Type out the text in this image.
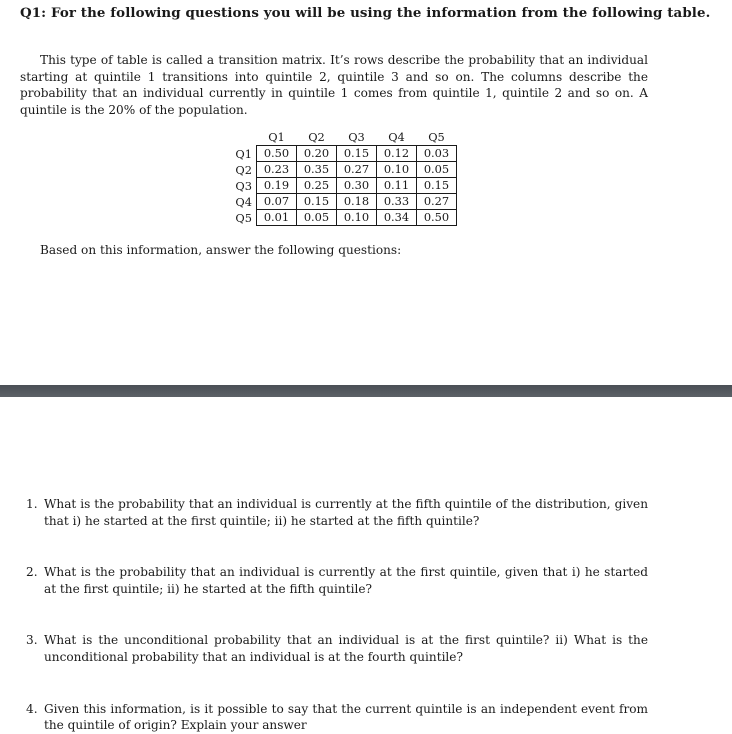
Q1: For the following questions you will be using the information from the following table.

This type of table is called a transition matrix. It’s rows describe the probability that an individual starting at quintile 1 transitions into quintile 2, quintile 3 and so on. The columns describe the probability that an individual currently in quintile 1 comes from quintile 1, quintile 2 and so on. A quintile is the 20% of the population.

	Q1	Q2	Q3	Q4	Q5
Q1	0.50	0.20	0.15	0.12	0.03
Q2	0.23	0.35	0.27	0.10	0.05
Q3	0.19	0.25	0.30	0.11	0.15
Q4	0.07	0.15	0.18	0.33	0.27
Q5	0.01	0.05	0.10	0.34	0.50
Based on this information, answer the following questions:
1. What is the probability that an individual is currently at the fifth quintile of the distribution, given that i) he started at the first quintile; ii) he started at the fifth quintile?
2. What is the probability that an individual is currently at the first quintile, given that i) he started at the first quintile; ii) he started at the fifth quintile?
3. What is the unconditional probability that an individual is at the first quintile? ii) What is the unconditional probability that an individual is at the fourth quintile?
4. Given this information, is it possible to say that the current quintile is an independent event from the quintile of origin? Explain your answer
